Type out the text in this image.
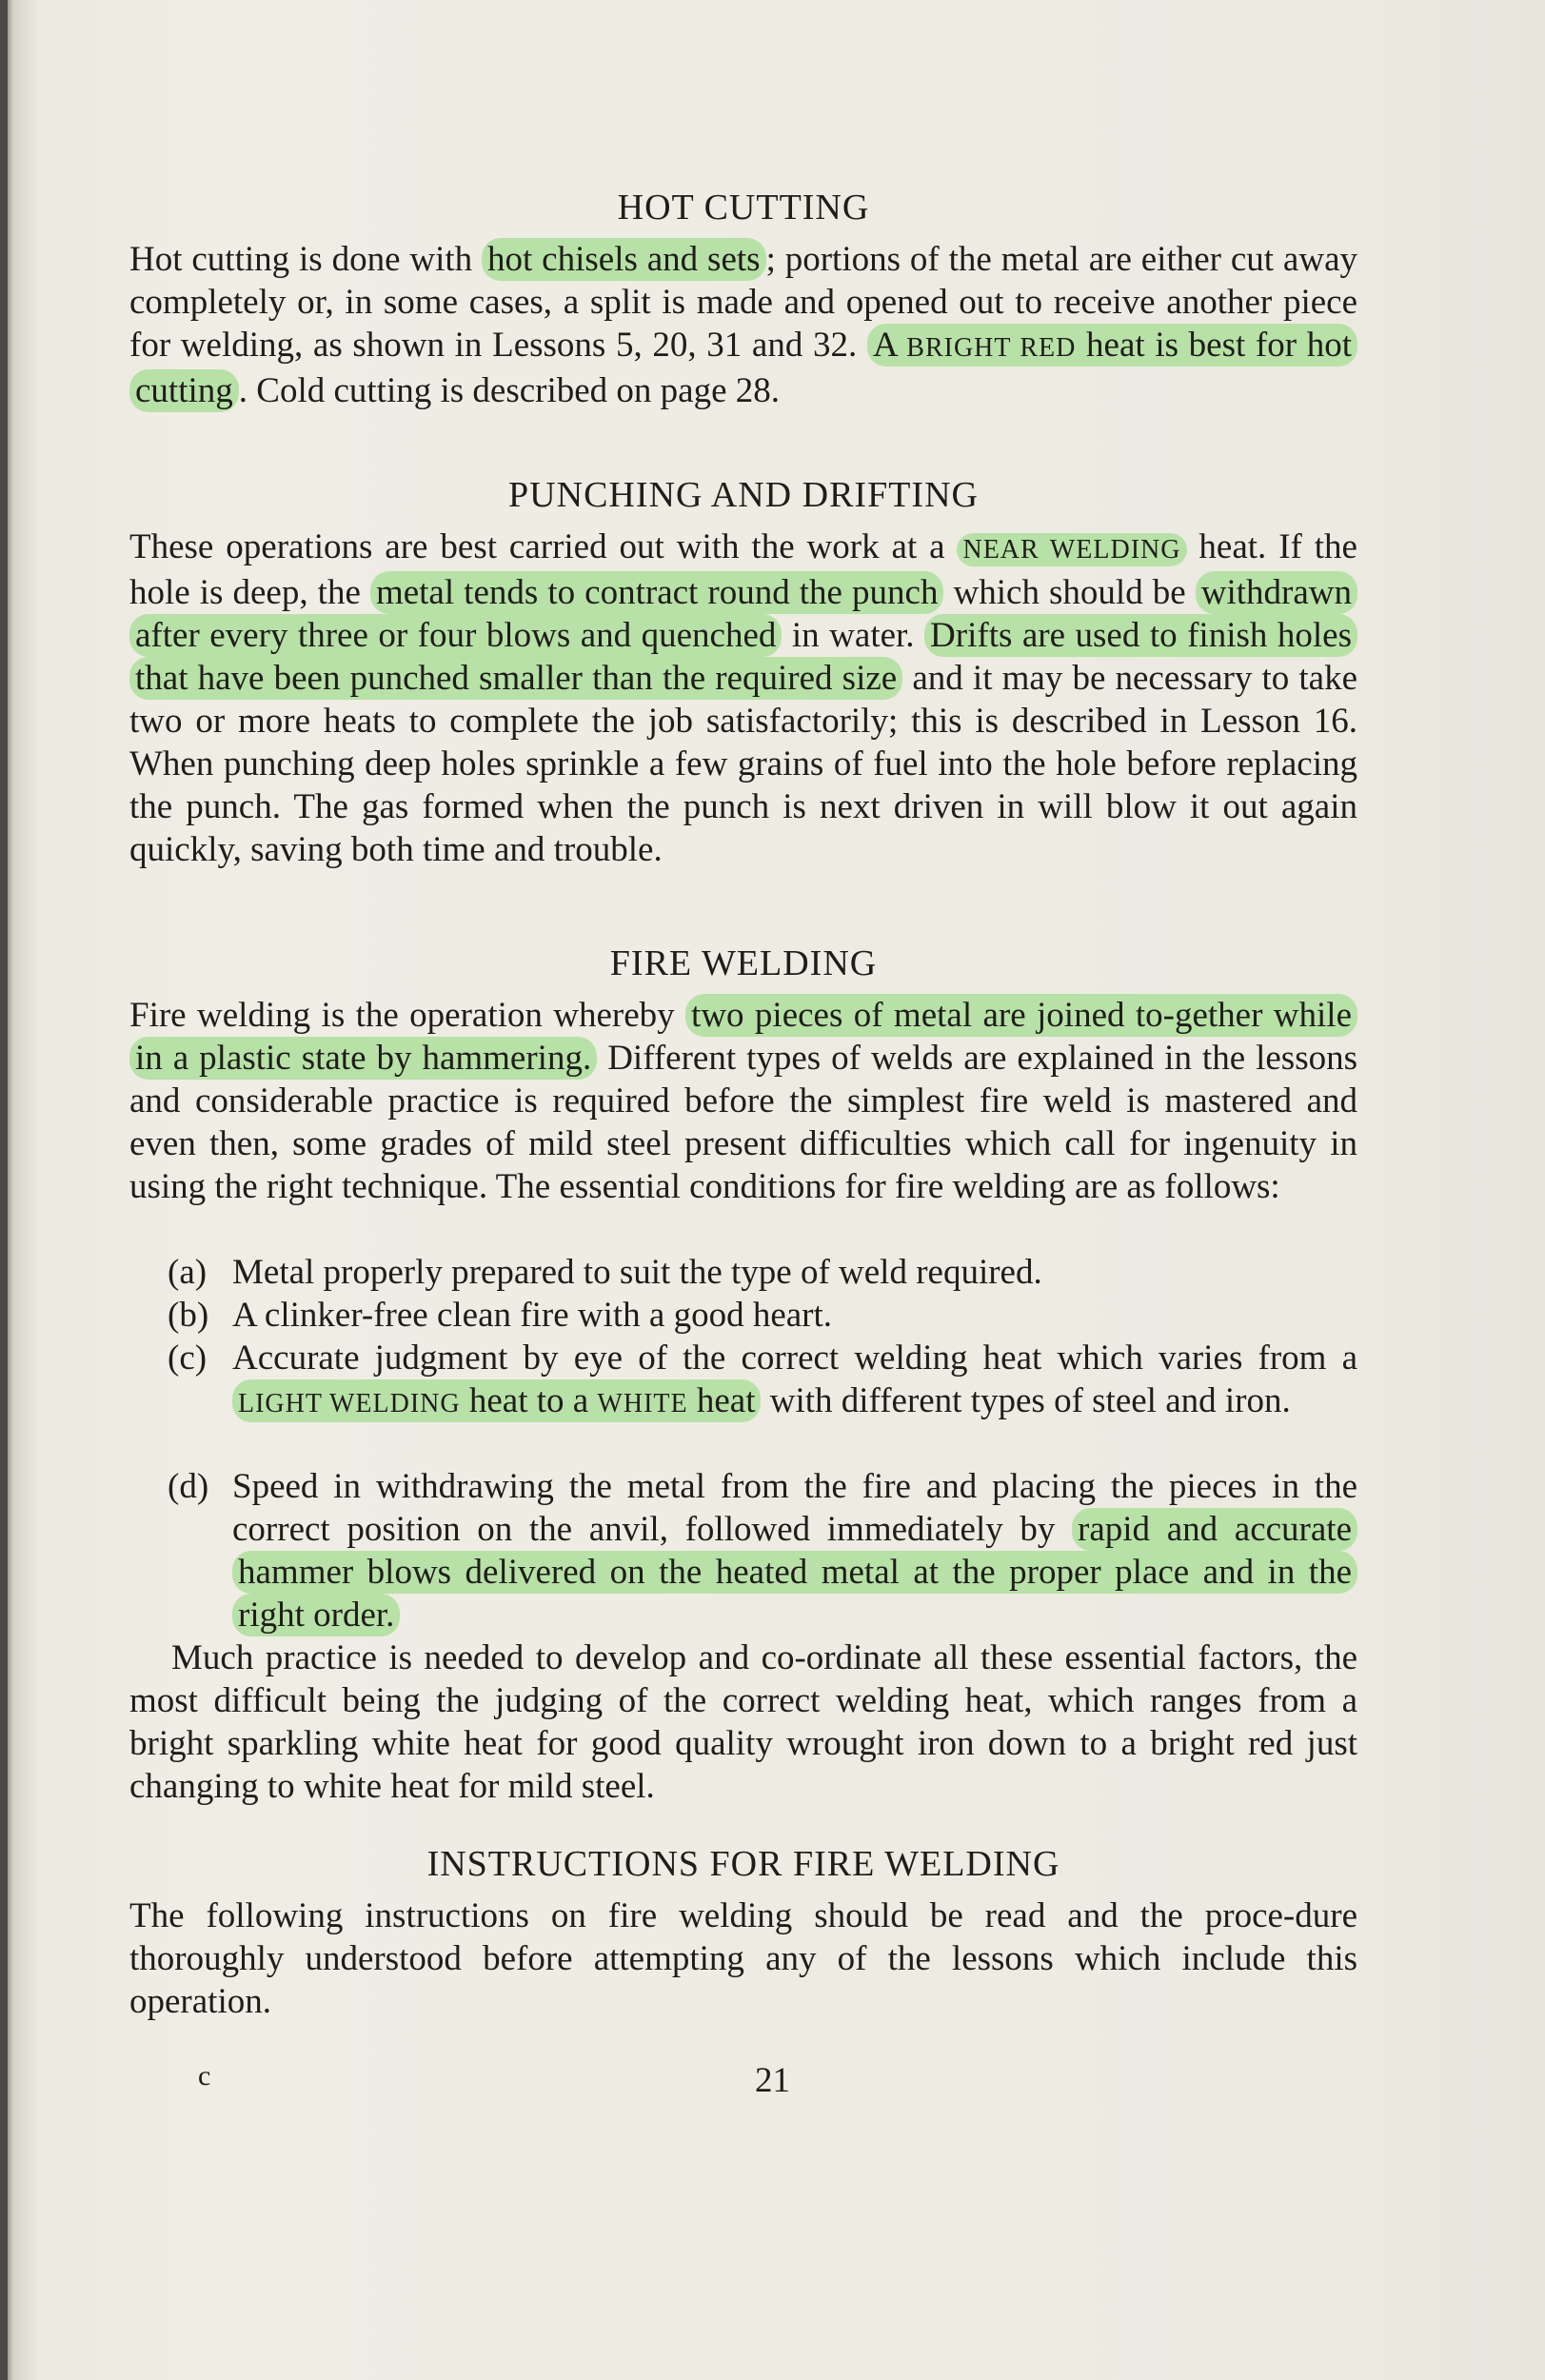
HOT CUTTING
Hot cutting is done with hot chisels and sets ; portions of the metal are either cut away completely or, in some cases, a split is made and opened out to receive another piece for welding, as shown in Lessons 5, 20, 31 and 32. A BRIGHT RED heat is best for hot cutting . Cold cutting is described on page 28.
PUNCHING AND DRIFTING
These operations are best carried out with the work at a NEAR WELDING heat. If the hole is deep, the metal tends to contract round the punch which should be withdrawn after every three or four blows and quenched in water. Drifts are used to finish holes that have been punched smaller than the required size and it may be necessary to take two or more heats to complete the job satisfactorily; this is described in Lesson 16. When punching deep holes sprinkle a few grains of fuel into the hole before replacing the punch. The gas formed when the punch is next driven in will blow it out again quickly, saving both time and trouble.
FIRE WELDING
Fire welding is the operation whereby two pieces of metal are joined to-gether while in a plastic state by hammering. Different types of welds are explained in the lessons and considerable practice is required before the simplest fire weld is mastered and even then, some grades of mild steel present difficulties which call for ingenuity in using the right technique. The essential conditions for fire welding are as follows:
(a) Metal properly prepared to suit the type of weld required.
(b) A clinker-free clean fire with a good heart.
(c) Accurate judgment by eye of the correct welding heat which varies from a LIGHT WELDING heat to a WHITE heat with different types of steel and iron.
(d) Speed in withdrawing the metal from the fire and placing the pieces in the correct position on the anvil, followed immediately by rapid and accurate hammer blows delivered on the heated metal at the proper place and in the right order.
Much practice is needed to develop and co-ordinate all these essential factors, the most difficult being the judging of the correct welding heat, which ranges from a bright sparkling white heat for good quality wrought iron down to a bright red just changing to white heat for mild steel.
INSTRUCTIONS FOR FIRE WELDING
The following instructions on fire welding should be read and the proce-dure thoroughly understood before attempting any of the lessons which include this operation.
c	21
